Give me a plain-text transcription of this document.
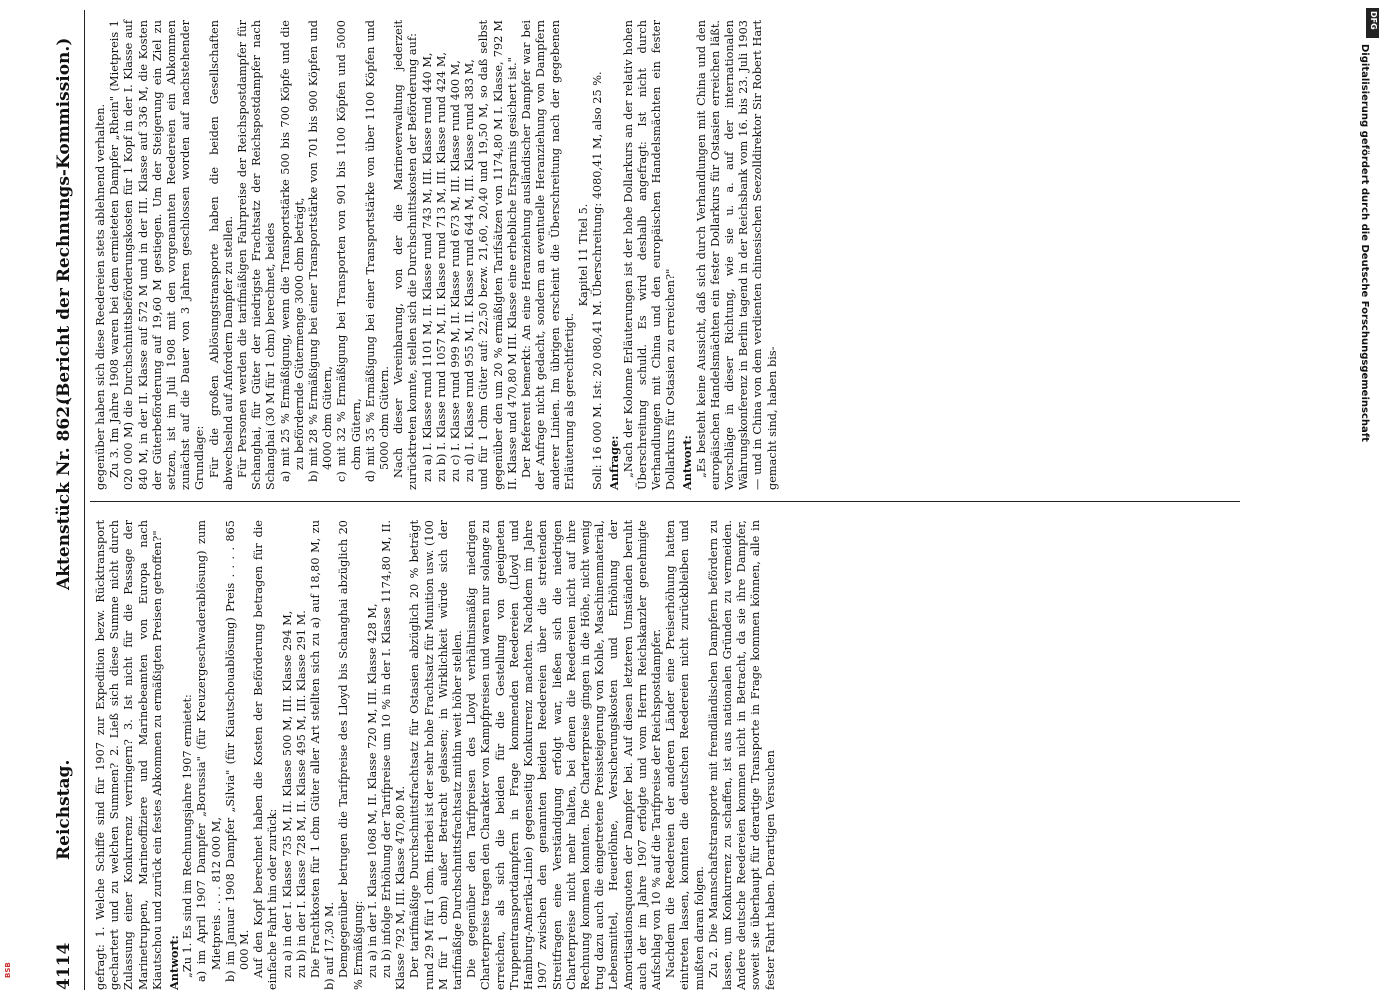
4114
Reichstag.
Aktenstück Nr. 862.
(Bericht der Rechnungs-Kommission.)

gefragt: 1. Welche Schiffe sind für 1907 zur Expedition bezw. Rücktransport gechartert und zu welchen Summen? 2. Ließ sich diese Summe nicht durch Zulassung einer Konkurrenz verringern? 3. Ist nicht für die Passage der Marinetruppen, Marineoffiziere und Marinebeamten von Europa nach Kiautschou und zurück ein festes Abkommen zu ermäßigten Preisen getroffen?" Antwort: „Zu 1. Es sind im Rechnungsjahre 1907 ermietet: a) im April 1907 Dampfer „Borussia" (für Kreuzergeschwaderablösung) zum Mietpreis . . . . 812 000 M, b) im Januar 1908 Dampfer „Silvia" (für Kiautschouablösung) Preis . . . . 865 000 M. Auf den Kopf berechnet haben die Kosten der Beförderung betragen für die einfache Fahrt hin oder zurück: zu a) in der I. Klasse 735 M, II. Klasse 500 M, III. Klasse 294 M, zu b) in der I. Klasse 728 M, II. Klasse 495 M, III. Klasse 291 M. Die Frachtkosten für 1 cbm Güter aller Art stellten sich zu a) auf 18,80 M, zu b) auf 17,30 M. Demgegenüber betrugen die Tarifpreise des Lloyd bis Schanghai abzüglich 20 % Ermäßigung: zu a) in der I. Klasse 1068 M, II. Klasse 720 M, III. Klasse 428 M, zu b) infolge Erhöhung der Tarifpreise um 10 % in der I. Klasse 1174,80 M, II. Klasse 792 M, III. Klasse 470,80 M. Der tarifmäßige Durchschnittsfrachtsatz für Ostasien abzüglich 20 % beträgt rund 29 M für 1 cbm. Hierbei ist der sehr hohe Frachtsatz für Munition usw. (100 M für 1 cbm) außer Betracht gelassen; in Wirklichkeit würde sich der tarifmäßige Durchschnittsfrachtsatz mithin weit höher stellen. Die gegenüber den Tarifpreisen des Lloyd verhältnismäßig niedrigen Charterpreise tragen den Charakter von Kampfpreisen und waren nur solange zu erreichen, als sich die beiden für die Gestellung von geeigneten Truppentransportdampfern in Frage kommenden Reedereien (Lloyd und Hamburg-Amerika-Linie) gegenseitig Konkurrenz machten. Nachdem im Jahre 1907 zwischen den genannten beiden Reedereien über die streitenden Streitfragen eine Verständigung erfolgt war, ließen sich die niedrigen Charterpreise nicht mehr halten, bei denen die Reedereien nicht auf ihre Rechnung kommen konnten. Die Charterpreise gingen in die Höhe, nicht wenig trug dazu auch die eingetretene Preissteigerung von Kohle, Maschinenmaterial, Lebensmittel, Heuerlöhne, Versicherungskosten und Erhöhung der Amortisationsquoten der Dampfer bei. Auf diesen letzteren Umständen beruht auch der im Jahre 1907 erfolgte und vom Herrn Reichskanzler genehmigte Aufschlag von 10 % auf die Tarifpreise der Reichspostdampfer. Nachdem die Reedereien der anderen Länder eine Preiserhöhung hatten eintreten lassen, konnten die deutschen Reedereien nicht zurückbleiben und mußten daran folgen. Zu 2. Die Mannschaftstransporte mit fremdländischen Dampfern befördern zu lassen, um Konkurrenz zu schaffen, ist aus nationalen Gründen zu vermeiden. Andere deutsche Reedereien kommen nicht in Betracht, da sie ihre Dampfer, soweit sie überhaupt für derartige Transporte in Frage kommen können, alle in fester Fahrt haben. Derartigen Versuchen

gegenüber haben sich diese Reedereien stets ablehnend verhalten. Zu 3. Im Jahre 1908 waren bei dem ermieteten Dampfer „Rhein" (Mietpreis 1 020 000 M) die Durchschnittsbeförderungskosten für 1 Kopf in der I. Klasse auf 840 M, in der II. Klasse auf 572 M und in der III. Klasse auf 336 M, die Kosten der Güterbeförderung auf 19,60 M gestiegen. Um der Steigerung ein Ziel zu setzen, ist im Juli 1908 mit den vorgenannten Reedereien ein Abkommen zunächst auf die Dauer von 3 Jahren geschlossen worden auf nachstehender Grundlage: Für die großen Ablösungstransporte haben die beiden Gesellschaften abwechselnd auf Anfordern Dampfer zu stellen. Für Personen werden die tarifmäßigen Fahrpreise der Reichspostdampfer für Schanghai, für Güter der niedrigste Frachtsatz der Reichspostdampfer nach Schanghai (30 M für 1 cbm) berechnet, beides a) mit 25 % Ermäßigung, wenn die Transportstärke 500 bis 700 Köpfe und die zu befördernde Gütermenge 3000 cbm beträgt, b) mit 28 % Ermäßigung bei einer Transportstärke von 701 bis 900 Köpfen und 4000 cbm Gütern, c) mit 32 % Ermäßigung bei Transporten von 901 bis 1100 Köpfen und 5000 cbm Gütern, d) mit 35 % Ermäßigung bei einer Transportstärke von über 1100 Köpfen und 5000 cbm Gütern. Nach dieser Vereinbarung, von der die Marineverwaltung jederzeit zurücktreten konnte, stellen sich die Durchschnittskosten der Beförderung auf: zu a) I. Klasse rund 1101 M, II. Klasse rund 743 M, III. Klasse rund 440 M, zu b) I. Klasse rund 1057 M, II. Klasse rund 713 M, III. Klasse rund 424 M, zu c) I. Klasse rund 999 M, II. Klasse rund 673 M, III. Klasse rund 400 M, zu d) I. Klasse rund 955 M, II. Klasse rund 644 M, III. Klasse rund 383 M, und für 1 cbm Güter auf: 22,50 bezw. 21,60, 20,40 und 19,50 M, so daß selbst gegenüber den um 20 % ermäßigten Tarifsätzen von 1174,80 M I. Klasse, 792 M II. Klasse und 470,80 M III. Klasse eine erhebliche Ersparnis gesichert ist." Der Referent bemerkt: An eine Heranziehung ausländischer Dampfer war bei der Anfrage nicht gedacht, sondern an eventuelle Heranziehung von Dampfern anderer Linien. Im übrigen erscheint die Überschreitung nach der gegebenen Erläuterung als gerechtfertigt.

Kapitel 11 Titel 5. Soll: 16 000 M. Ist: 20 080,41 M. Überschreitung: 4080,41 M, also 25 %. Anfrage: „Nach der Kolonne Erläuterungen ist der hohe Dollarkurs an der relativ hohen Überschreitung schuld. Es wird deshalb angefragt: Ist nicht durch Verhandlungen mit China und den europäischen Handelsmächten ein fester Dollarkurs für Ostasien zu erreichen?" Antwort: „Es besteht keine Aussicht, daß sich durch Verhandlungen mit China und den europäischen Handelsmächten ein fester Dollarkurs für Ostasien erreichen läßt. Vorschläge in dieser Richtung, wie sie u. a. auf der internationalen Währungskonferenz in Berlin tagend in der Reichsbank vom 16. bis 23. Juli 1903 — und in China von dem verdienten chinesischen Seezolldirektor Sir Robert Hart gemacht sind, haben bis-

DFG
Digitalisierung gefördert durch die Deutsche Forschungsgemeinschaft
BSB
